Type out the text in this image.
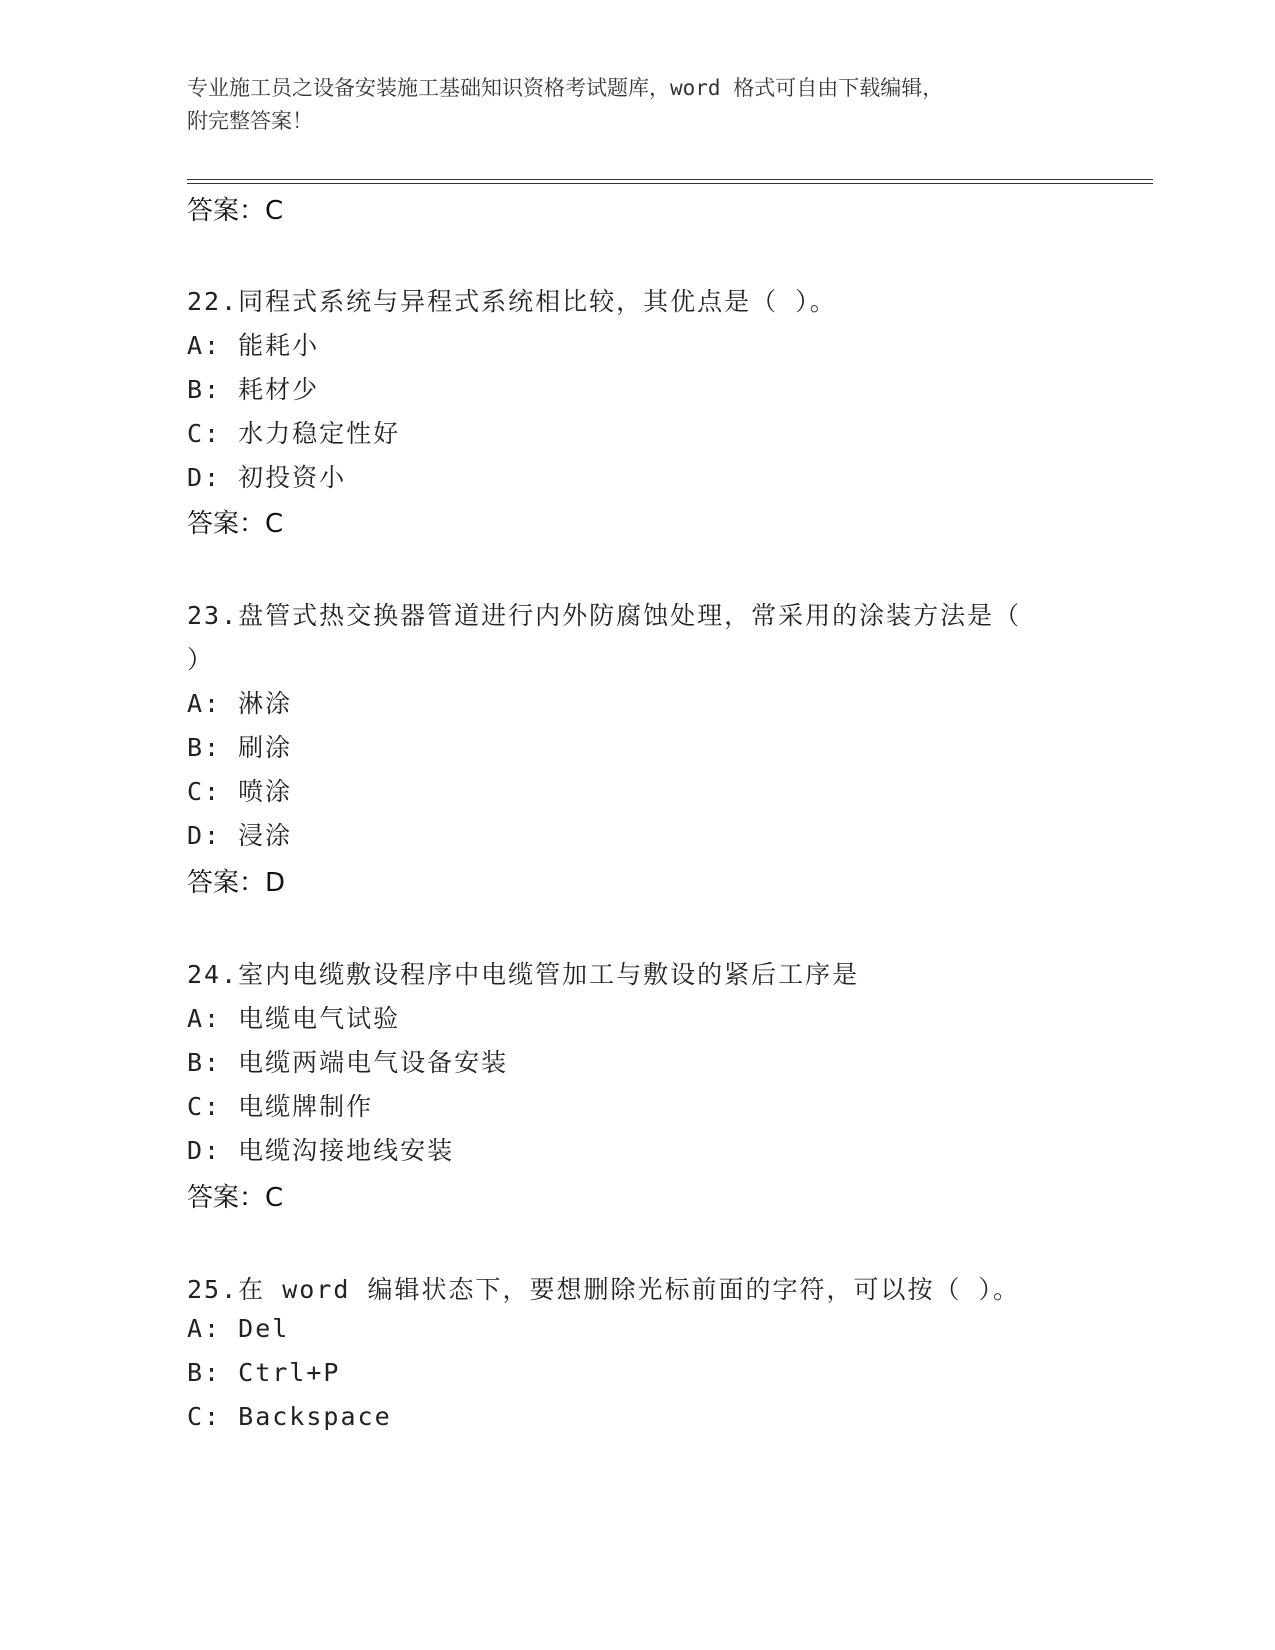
专业施工员之设备安装施工基础知识资格考试题库，word 格式可自由下载编辑，
附完整答案！
答案：C
22.同程式系统与异程式系统相比较，其优点是（ ）。
A: 能耗小
B: 耗材少
C: 水力稳定性好
D: 初投资小
答案：C
23.盘管式热交换器管道进行内外防腐蚀处理，常采用的涂装方法是（
）
A: 淋涂
B: 刷涂
C: 喷涂
D: 浸涂
答案：D
24.室内电缆敷设程序中电缆管加工与敷设的紧后工序是
A: 电缆电气试验
B: 电缆两端电气设备安装
C: 电缆牌制作
D: 电缆沟接地线安装
答案：C
25.在 word 编辑状态下，要想删除光标前面的字符，可以按（ ）。
A: Del
B: Ctrl+P
C: Backspace
